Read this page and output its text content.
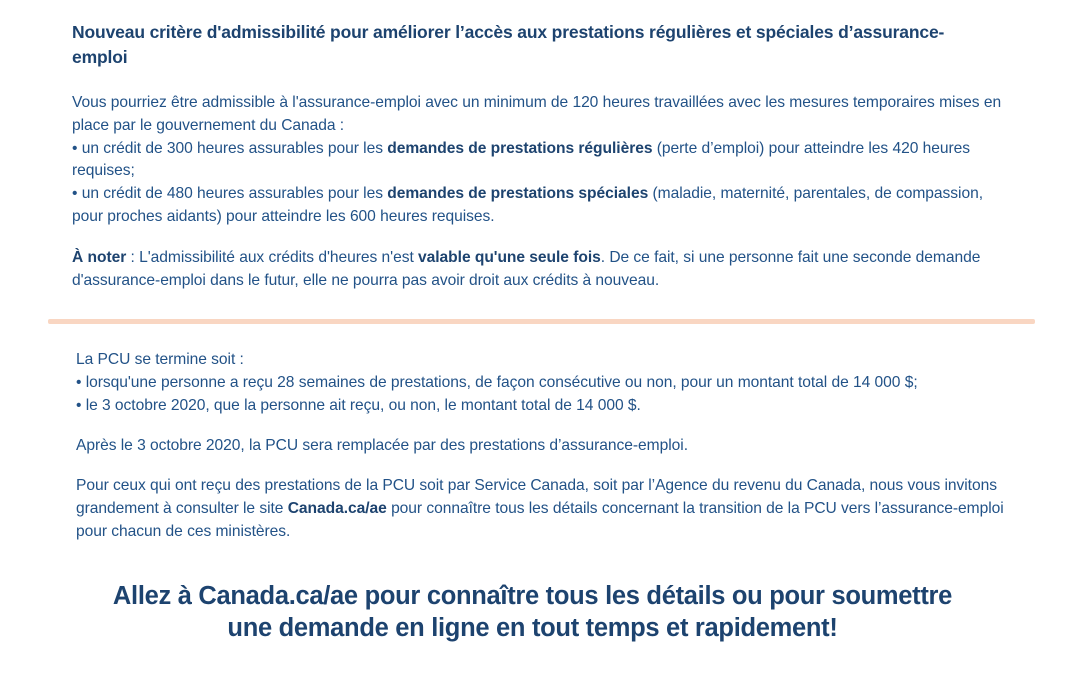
Nouveau critère d'admissibilité pour améliorer l’accès aux prestations régulières et spéciales d’assurance-emploi

Vous pourriez être admissible à l'assurance-emploi avec un minimum de 120 heures travaillées avec les mesures temporaires mises en place par le gouvernement du Canada :
• un crédit de 300 heures assurables pour les demandes de prestations régulières (perte d’emploi) pour atteindre les 420 heures requises;
• un crédit de 480 heures assurables pour les demandes de prestations spéciales (maladie, maternité, parentales, de compassion, pour proches aidants) pour atteindre les 600 heures requises.

À noter : L'admissibilité aux crédits d'heures n'est valable qu'une seule fois. De ce fait, si une personne fait une seconde demande d'assurance-emploi dans le futur, elle ne pourra pas avoir droit aux crédits à nouveau.

La PCU se termine soit :
• lorsqu'une personne a reçu 28 semaines de prestations, de façon consécutive ou non, pour un montant total de 14 000 $;
• le 3 octobre 2020, que la personne ait reçu, ou non, le montant total de 14 000 $.

Après le 3 octobre 2020, la PCU sera remplacée par des prestations d’assurance-emploi.

Pour ceux qui ont reçu des prestations de la PCU soit par Service Canada, soit par l’Agence du revenu du Canada, nous vous invitons grandement à consulter le site Canada.ca/ae pour connaître tous les détails concernant la transition de la PCU vers l’assurance-emploi pour chacun de ces ministères.

Allez à Canada.ca/ae pour connaître tous les détails ou pour soumettre
une demande en ligne en tout temps et rapidement!
